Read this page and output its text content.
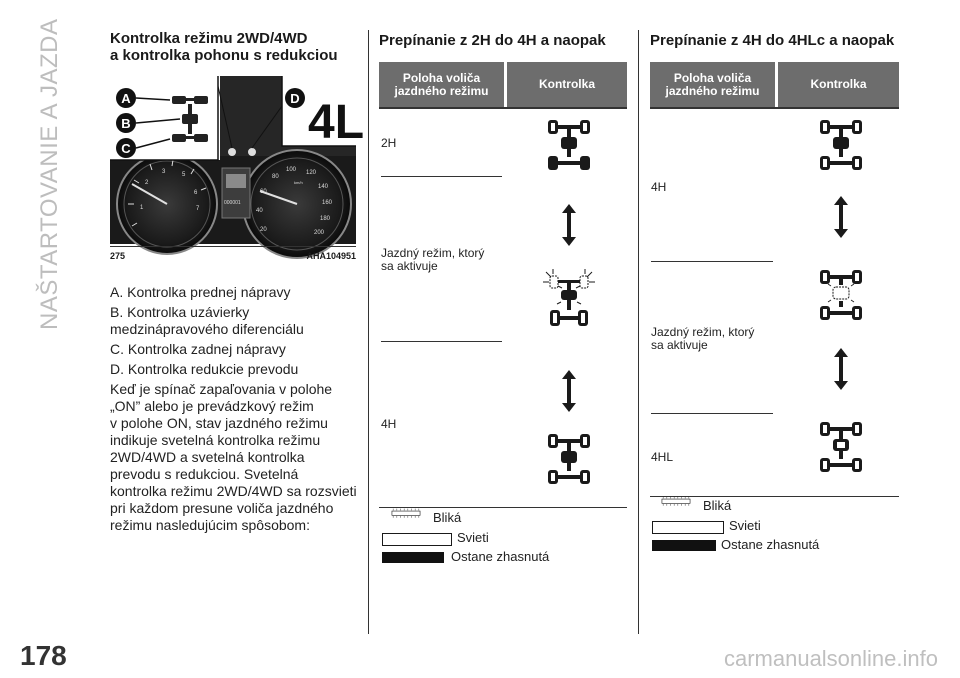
NAŠTARTOVANIE A JAZDA
178
Kontrolka režimu 2WD/4WD
a kontrolka pohonu s redukciou
1
2
3	5
6
7
20
40
60
80
100 120
140
160
180
200
km/h
000001
A
B
C
D 4L
275	AHA104951
A. Kontrolka prednej nápravy
B. Kontrolka uzávierky
medzinápravového diferenciálu
C. Kontrolka zadnej nápravy
D. Kontrolka redukcie prevodu
Keď je spínač zapaľovania v polohe
„ON” alebo je prevádzkový režim
v polohe ON, stav jazdného režimu
indikuje svetelná kontrolka režimu
2WD/4WD a svetelná kontrolka
prevodu s redukciou. Svetelná
kontrolka režimu 2WD/4WD sa rozsvieti
pri každom presune voliča jazdného
režimu nasledujúcim spôsobom:
Prepínanie z 2H do 4H a naopak
Poloha voliča
jazdného režimu	Kontrolka
2H
Jazdný režim, ktorý
sa aktivuje
4H
Bliká
Svieti
Ostane zhasnutá
Prepínanie z 4H do 4HLc a naopak
Poloha voliča
jazdného režimu	Kontrolka
4H
Jazdný režim, ktorý
sa aktivuje
4HL
Bliká
Svieti
Ostane zhasnutá
carmanualsonline.info
